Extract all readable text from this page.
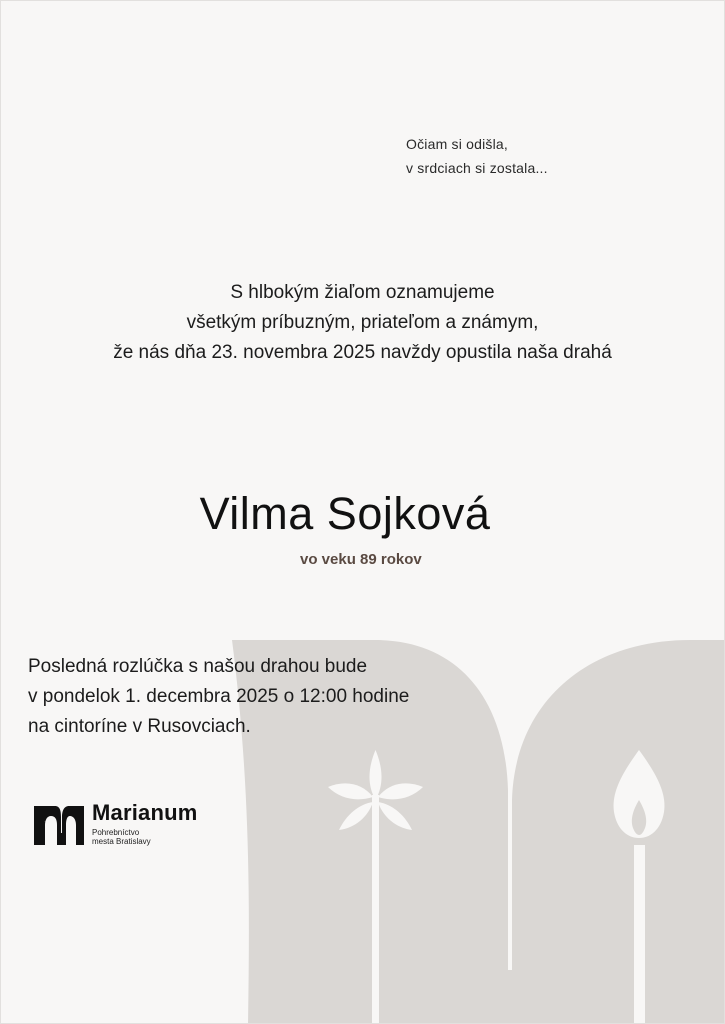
Očiam si odišla,
v srdciach si zostala...
S hlbokým žiaľom oznamujeme
všetkým príbuzným, priateľom a známym,
že nás dňa 23. novembra 2025 navždy opustila naša drahá
Vilma Sojková
vo veku 89 rokov
Posledná rozlúčka s našou drahou bude
v pondelok 1. decembra 2025 o 12:00 hodine
na cintoríne v Rusovciach.
Marianum
Pohrebníctvo
mesta Bratislavy
